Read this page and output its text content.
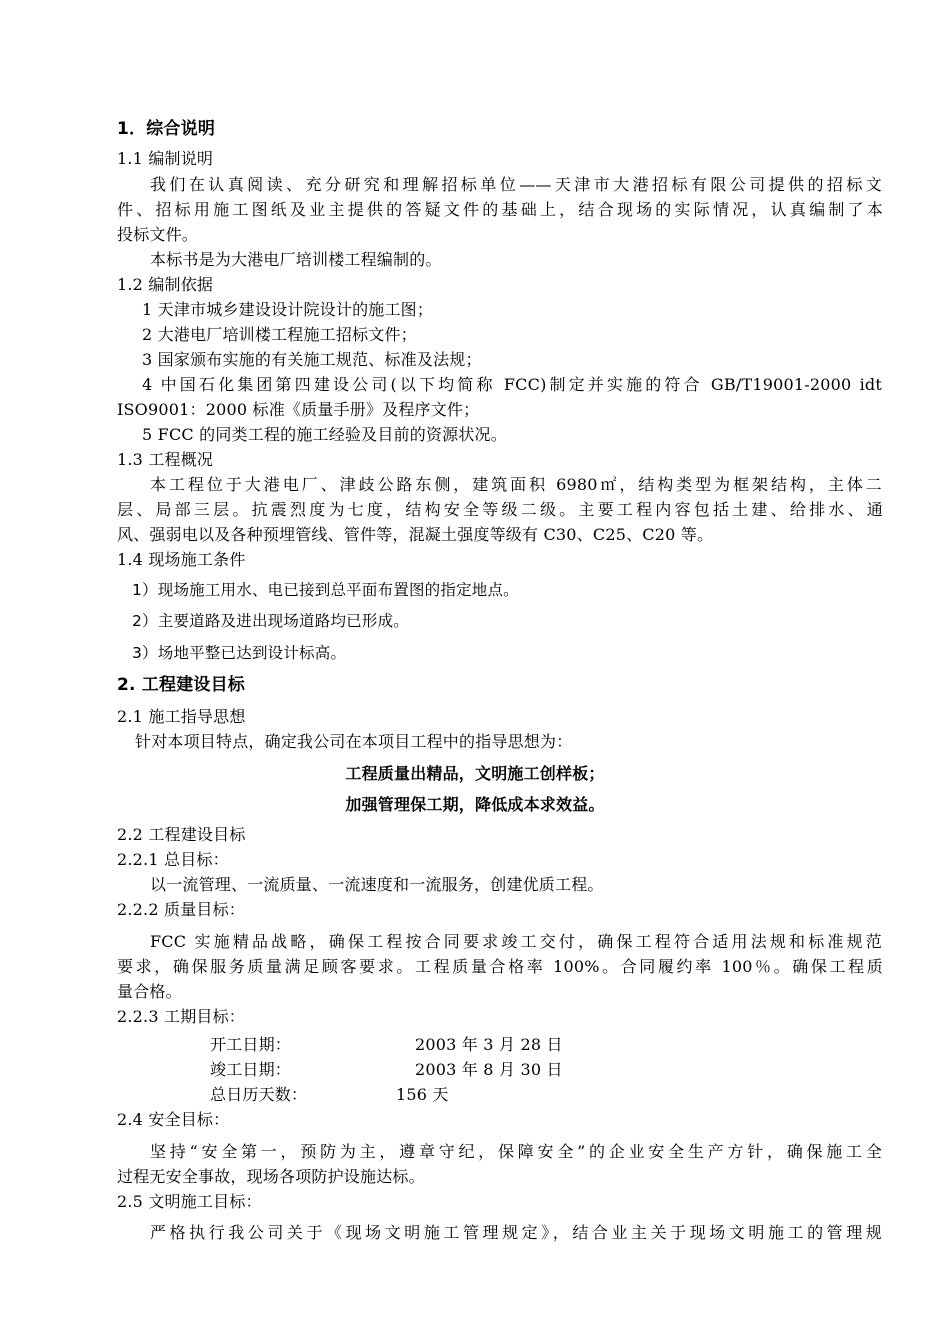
1．综合说明
1.1 编制说明
我们在认真阅读、充分研究和理解招标单位——天津市大港招标有限公司提供的招标文
件、招标用施工图纸及业主提供的答疑文件的基础上，结合现场的实际情况，认真编制了本
投标文件。
本标书是为大港电厂培训楼工程编制的。
1.2 编制依据
1 天津市城乡建设设计院设计的施工图；
2 大港电厂培训楼工程施工招标文件；
3 国家颁布实施的有关施工规范、标准及法规；
4 中国石化集团第四建设公司(以下均简称 FCC)制定并实施的符合 GB/T19001-2000 idt
ISO9001：2000 标准《质量手册》及程序文件；
5 FCC 的同类工程的施工经验及目前的资源状况。
1.3 工程概况
本工程位于大港电厂、津歧公路东侧，建筑面积 6980㎡，结构类型为框架结构，主体二
层、局部三层。抗震烈度为七度，结构安全等级二级。主要工程内容包括土建、给排水、通
风、强弱电以及各种预埋管线、管件等，混凝土强度等级有 C30、C25、C20 等。
1.4 现场施工条件
1）现场施工用水、电已接到总平面布置图的指定地点。
2）主要道路及进出现场道路均已形成。
3）场地平整已达到设计标高。
2. 工程建设目标
2.1 施工指导思想
针对本项目特点，确定我公司在本项目工程中的指导思想为：
工程质量出精品，文明施工创样板；
加强管理保工期，降低成本求效益。
2.2 工程建设目标
2.2.1 总目标：
以一流管理、一流质量、一流速度和一流服务，创建优质工程。
2.2.2 质量目标：
FCC 实施精品战略，确保工程按合同要求竣工交付，确保工程符合适用法规和标准规范
要求，确保服务质量满足顾客要求。工程质量合格率 100%。合同履约率 100％。确保工程质
量合格。
2.2.3 工期目标：
开工日期：	2003 年 3 月 28 日
竣工日期：	2003 年 8 月 30 日
总日历天数：	156 天
2.4 安全目标：
坚持“安全第一，预防为主，遵章守纪，保障安全”的企业安全生产方针，确保施工全
过程无安全事故，现场各项防护设施达标。
2.5 文明施工目标：
严格执行我公司关于《现场文明施工管理规定》，结合业主关于现场文明施工的管理规
